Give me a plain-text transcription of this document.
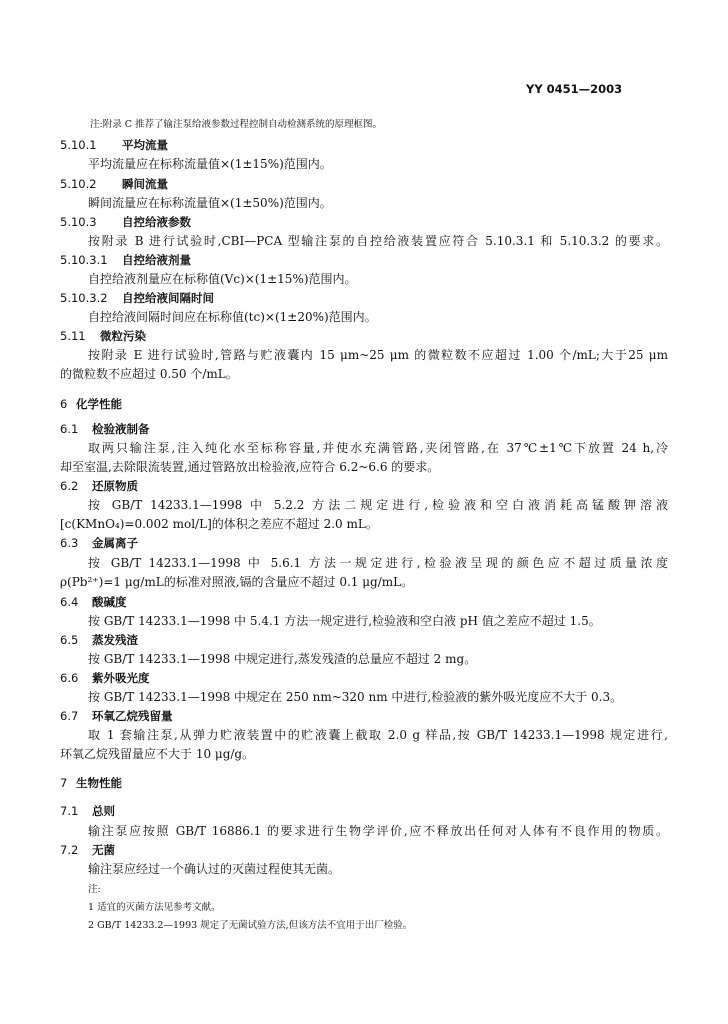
YY 0451—2003
注:附录 C 推荐了输注泵给液参数过程控制自动检测系统的原理框图。
5.10.1 平均流量
平均流量应在标称流量值×(1±15%)范围内。
5.10.2 瞬间流量
瞬间流量应在标称流量值×(1±50%)范围内。
5.10.3 自控给液参数
按附录 B 进行试验时,CBI—PCA 型输注泵的自控给液装置应符合 5.10.3.1 和 5.10.3.2 的要求。
5.10.3.1 自控给液剂量
自控给液剂量应在标称值(Vc)×(1±15%)范围内。
5.10.3.2 自控给液间隔时间
自控给液间隔时间应在标称值(tc)×(1±20%)范围内。
5.11 微粒污染
按附录 E 进行试验时,管路与贮液囊内 15 μm~25 μm 的微粒数不应超过 1.00 个/mL;大于25 μm
的微粒数不应超过 0.50 个/mL。
6 化学性能
6.1 检验液制备
取两只输注泵,注入纯化水至标称容量,并使水充满管路,夹闭管路,在 37℃±1℃下放置 24 h,冷
却至室温,去除限流装置,通过管路放出检验液,应符合 6.2~6.6 的要求。
6.2 还原物质
按 GB/T 14233.1—1998 中 5.2.2 方法二规定进行,检验液和空白液消耗高锰酸钾溶液
[c(KMnO₄)=0.002 mol/L]的体积之差应不超过 2.0 mL。
6.3 金属离子
按 GB/T 14233.1—1998 中 5.6.1 方法一规定进行,检验液呈现的颜色应不超过质量浓度
ρ(Pb²⁺)=1 μg/mL的标准对照液,镉的含量应不超过 0.1 μg/mL。
6.4 酸碱度
按 GB/T 14233.1—1998 中 5.4.1 方法一规定进行,检验液和空白液 pH 值之差应不超过 1.5。
6.5 蒸发残渣
按 GB/T 14233.1—1998 中规定进行,蒸发残渣的总量应不超过 2 mg。
6.6 紫外吸光度
按 GB/T 14233.1—1998 中规定在 250 nm~320 nm 中进行,检验液的紫外吸光度应不大于 0.3。
6.7 环氧乙烷残留量
取 1 套输注泵,从弹力贮液装置中的贮液囊上截取 2.0 g 样品,按 GB/T 14233.1—1998 规定进行,
环氧乙烷残留量应不大于 10 μg/g。
7 生物性能
7.1 总则
输注泵应按照 GB/T 16886.1 的要求进行生物学评价,应不释放出任何对人体有不良作用的物质。
7.2 无菌
输注泵应经过一个确认过的灭菌过程使其无菌。
注:
1 适宜的灭菌方法见参考文献。
2 GB/T 14233.2—1993 规定了无菌试验方法,但该方法不宜用于出厂检验。
